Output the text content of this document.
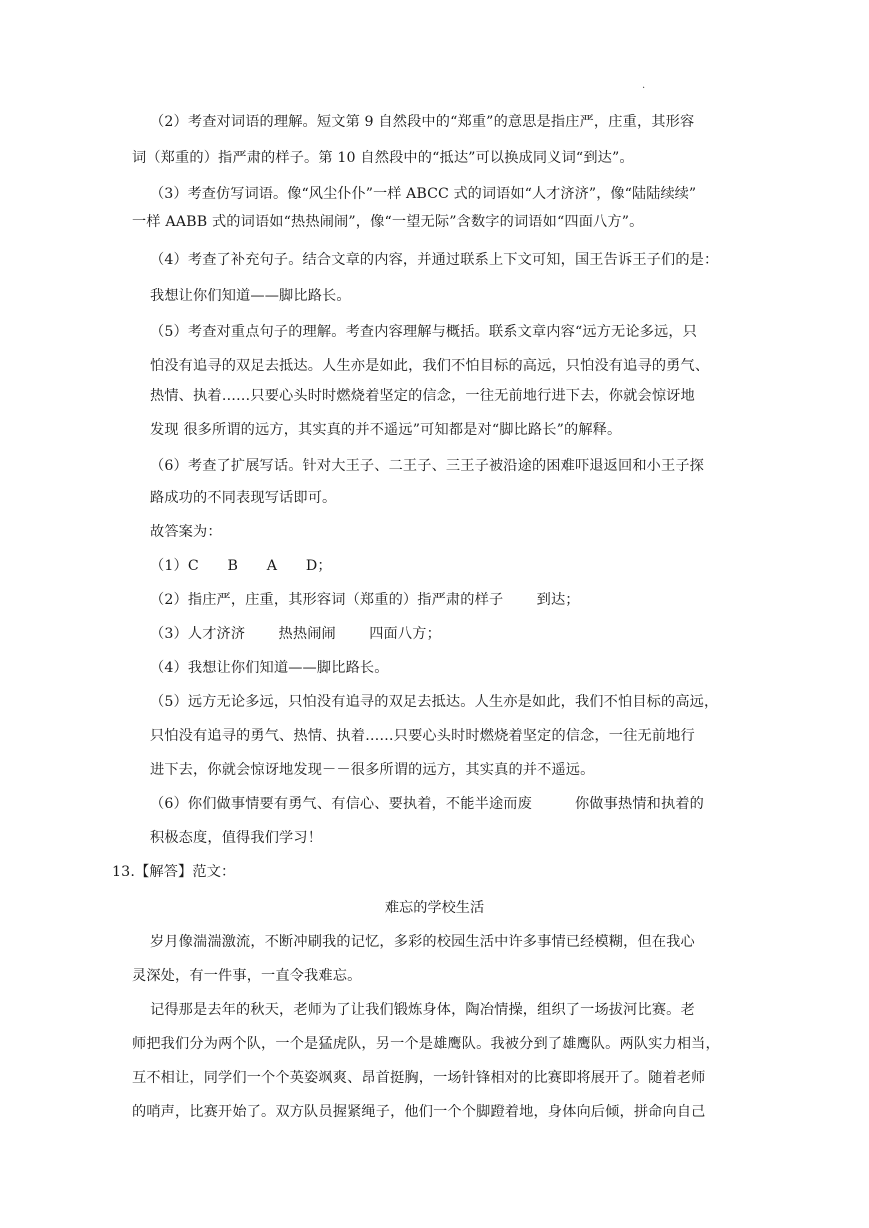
.
（2）考查对词语的理解。短文第 9 自然段中的“郑重”的意思是指庄严，庄重，其形容
词（郑重的）指严肃的样子。第 10 自然段中的“抵达”可以换成同义词“到达”。
（3）考查仿写词语。像“风尘仆仆”一样 ABCC 式的词语如“人才济济”，像“陆陆续续”
一样 AABB 式的词语如“热热闹闹”，像“一望无际”含数字的词语如“四面八方”。
（4）考查了补充句子。结合文章的内容，并通过联系上下文可知，国王告诉王子们的是：
我想让你们知道——脚比路长。
（5）考查对重点句子的理解。考查内容理解与概括。联系文章内容“远方无论多远，只
怕没有追寻的双足去抵达。人生亦是如此，我们不怕目标的高远，只怕没有追寻的勇气、
热情、执着……只要心头时时燃烧着坚定的信念，一往无前地行进下去，你就会惊讶地
发现 很多所谓的远方，其实真的并不遥远”可知都是对“脚比路长”的解释。
（6）考查了扩展写话。针对大王子、二王子、三王子被沿途的困难吓退返回和小王子探
路成功的不同表现写话即可。
故答案为：
（1）C　　B　　A　　D；
（2）指庄严，庄重，其形容词（郑重的）指严肃的样子　　 到达；
（3）人才济济　　 热热闹闹　　 四面八方；
（4）我想让你们知道——脚比路长。
（5）远方无论多远，只怕没有追寻的双足去抵达。人生亦是如此，我们不怕目标的高远，
只怕没有追寻的勇气、热情、执着……只要心头时时燃烧着坚定的信念，一往无前地行
进下去，你就会惊讶地发现－－很多所谓的远方，其实真的并不遥远。
（6）你们做事情要有勇气、有信心、要执着，不能半途而废　　　你做事热情和执着的
积极态度，值得我们学习！
13.【解答】范文：
难忘的学校生活
岁月像湍湍激流，不断冲刷我的记忆，多彩的校园生活中许多事情已经模糊，但在我心
灵深处，有一件事，一直令我难忘。
记得那是去年的秋天，老师为了让我们锻炼身体，陶冶情操，组织了一场拔河比赛。老
师把我们分为两个队，一个是猛虎队，另一个是雄鹰队。我被分到了雄鹰队。两队实力相当，
互不相让，同学们一个个英姿飒爽、昂首挺胸，一场针锋相对的比赛即将展开了。随着老师
的哨声，比赛开始了。双方队员握紧绳子，他们一个个脚蹬着地，身体向后倾，拼命向自己
